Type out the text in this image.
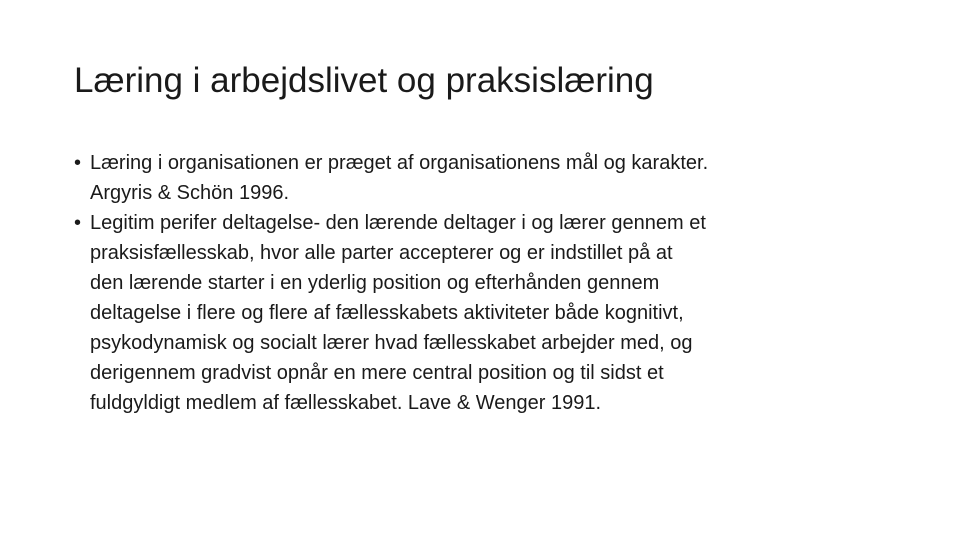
Læring i arbejdslivet og praksislæring
• Læring i organisationen er præget af organisationens mål og karakter.
Argyris & Schön 1996.
• Legitim perifer deltagelse- den lærende deltager i og lærer gennem et
praksisfællesskab, hvor alle parter accepterer og er indstillet på at
den lærende starter i en yderlig position og efterhånden gennem
deltagelse i flere og flere af fællesskabets aktiviteter både kognitivt,
psykodynamisk og socialt lærer hvad fællesskabet arbejder med, og
derigennem gradvist opnår en mere central position og til sidst et
fuldgyldigt medlem af fællesskabet. Lave & Wenger 1991.
